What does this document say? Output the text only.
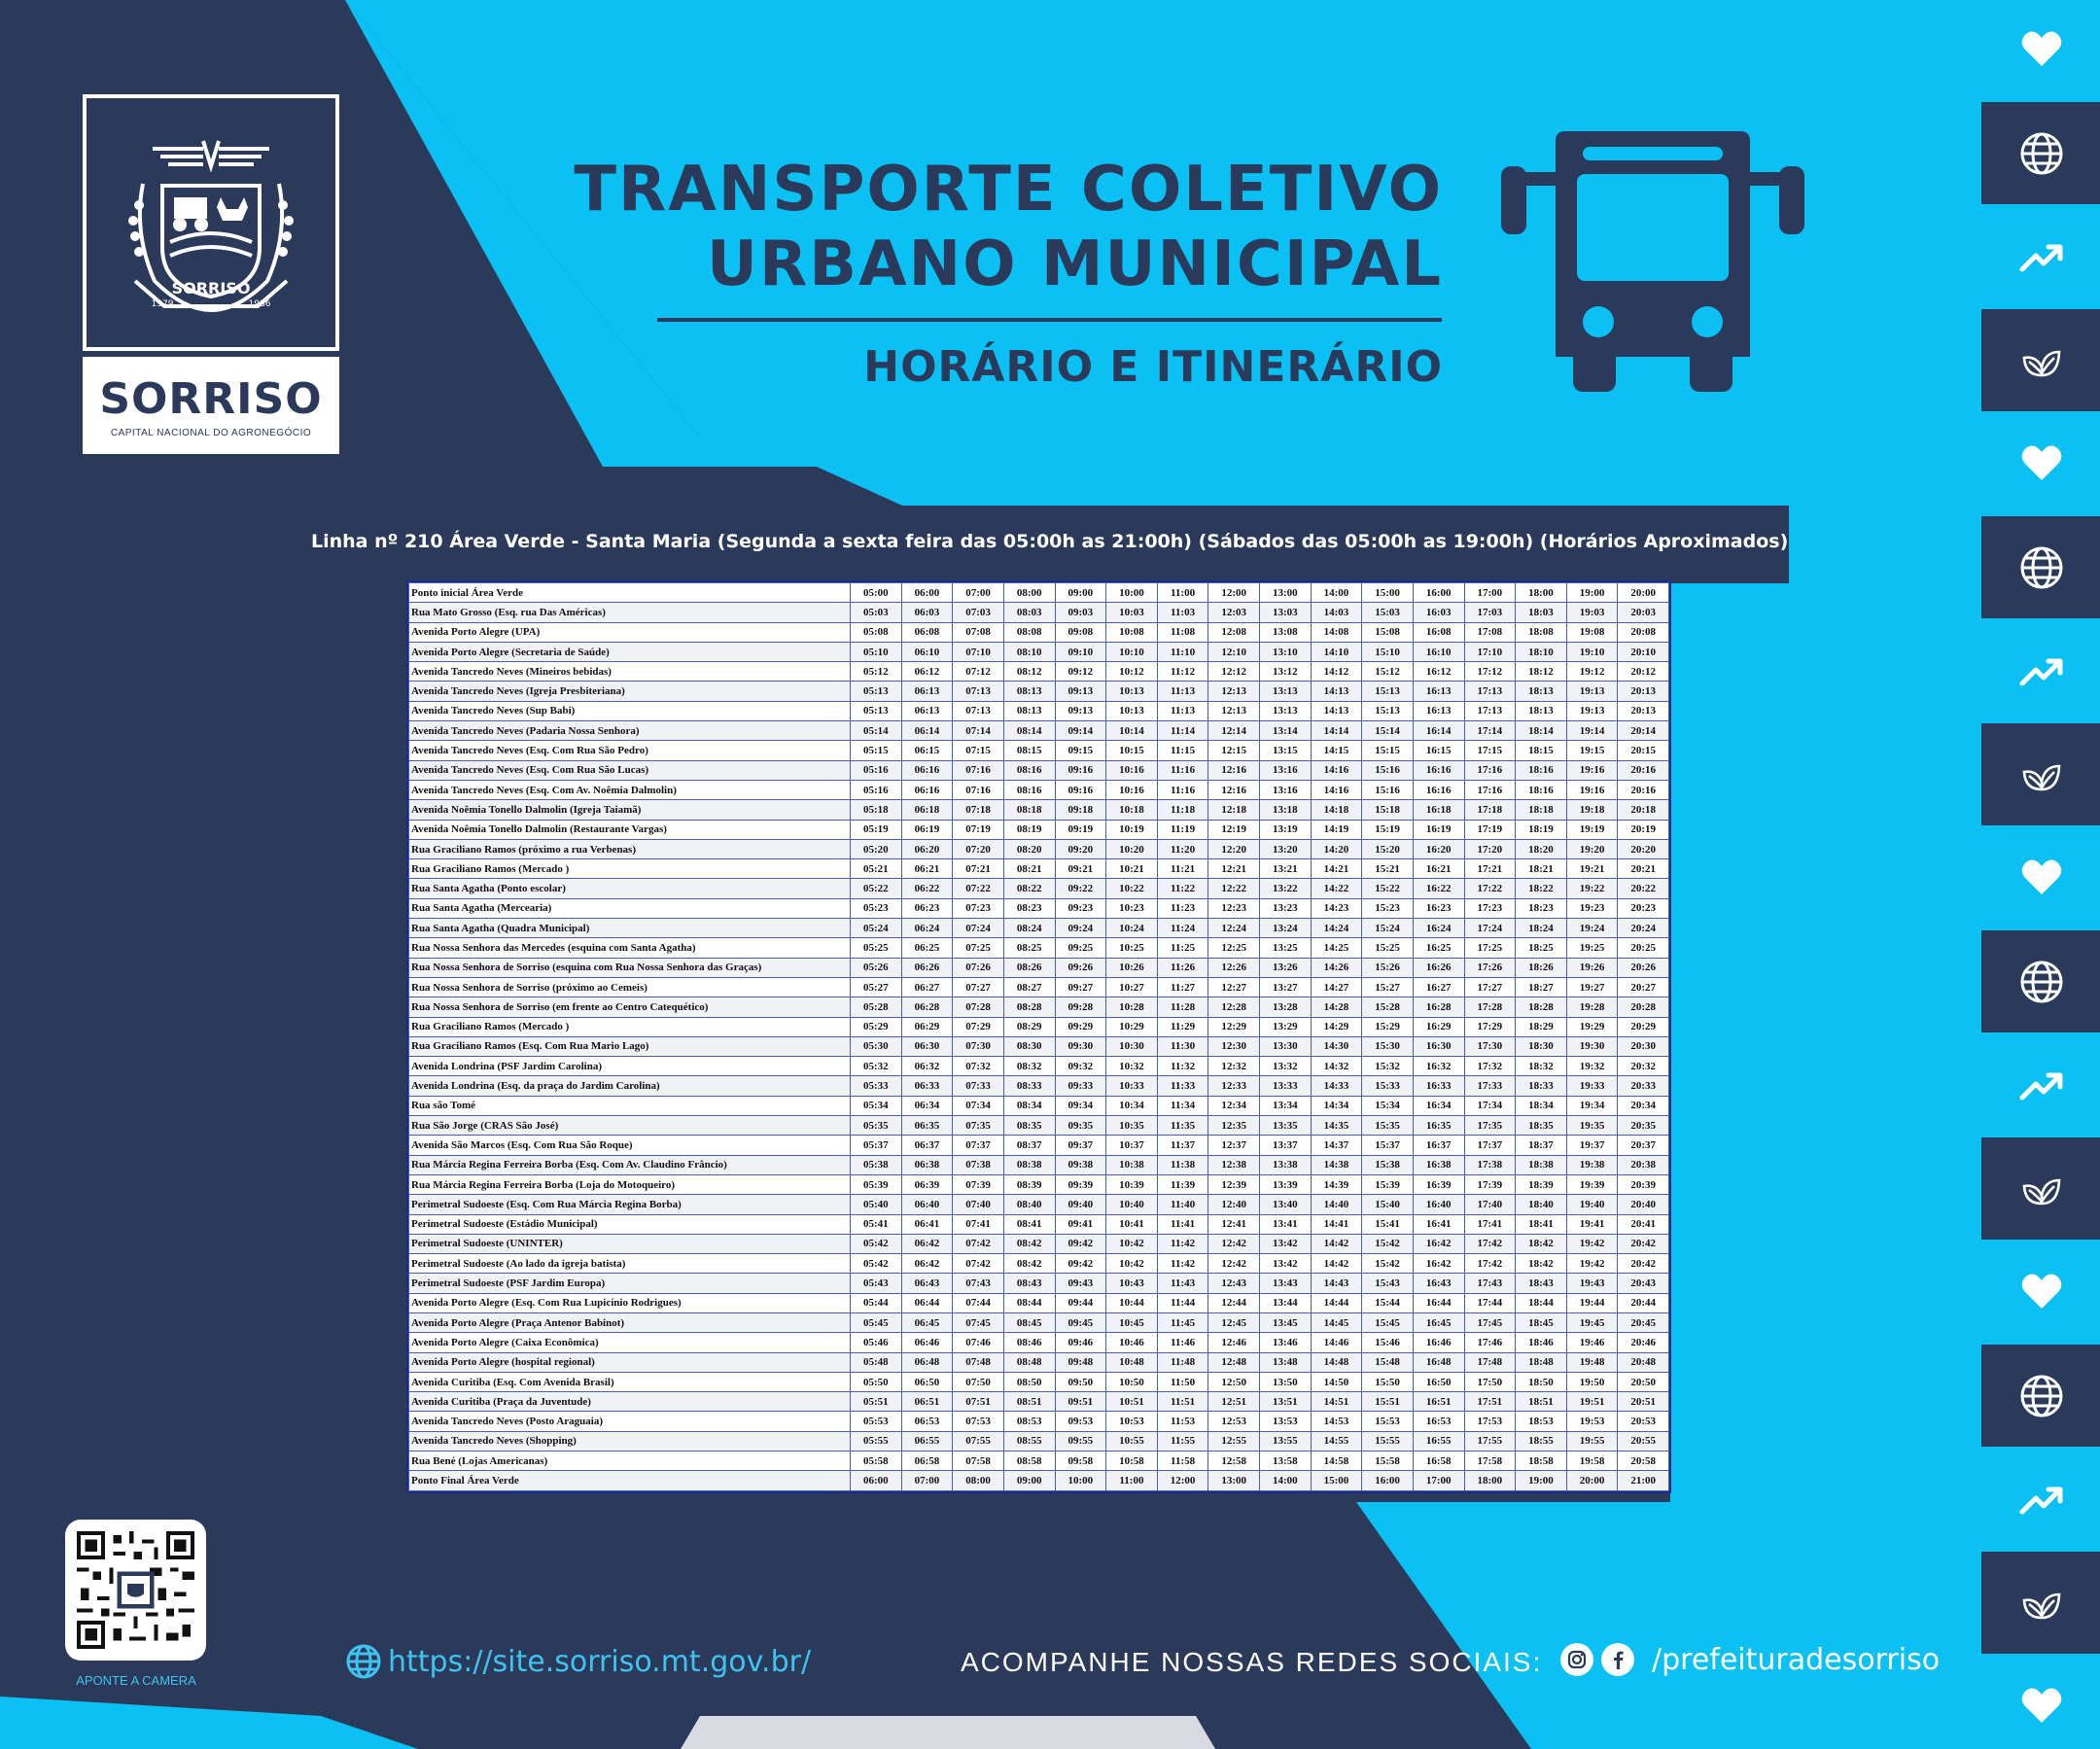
SORRISO
1979	1986
SORRISO
CAPITAL NACIONAL DO AGRONEGÓCIO
TRANSPORTE COLETIVO
URBANO MUNICIPAL
HORÁRIO E ITINERÁRIO
Linha nº 210 Área Verde - Santa Maria (Segunda a sexta feira das 05:00h as 21:00h) (Sábados das 05:00h as 19:00h) (Horários Aproximados)
Ponto inicial Área Verde	05:00	06:00	07:00	08:00	09:00	10:00	11:00	12:00	13:00	14:00	15:00	16:00	17:00	18:00	19:00	20:00
Rua Mato Grosso (Esq. rua Das Américas)	05:03	06:03	07:03	08:03	09:03	10:03	11:03	12:03	13:03	14:03	15:03	16:03	17:03	18:03	19:03	20:03
Avenida Porto Alegre (UPA)	05:08	06:08	07:08	08:08	09:08	10:08	11:08	12:08	13:08	14:08	15:08	16:08	17:08	18:08	19:08	20:08
Avenida Porto Alegre (Secretaria de Saúde)	05:10	06:10	07:10	08:10	09:10	10:10	11:10	12:10	13:10	14:10	15:10	16:10	17:10	18:10	19:10	20:10
Avenida Tancredo Neves (Mineiros bebidas)	05:12	06:12	07:12	08:12	09:12	10:12	11:12	12:12	13:12	14:12	15:12	16:12	17:12	18:12	19:12	20:12
Avenida Tancredo Neves (Igreja Presbiteriana)	05:13	06:13	07:13	08:13	09:13	10:13	11:13	12:13	13:13	14:13	15:13	16:13	17:13	18:13	19:13	20:13
Avenida Tancredo Neves (Sup Babi)	05:13	06:13	07:13	08:13	09:13	10:13	11:13	12:13	13:13	14:13	15:13	16:13	17:13	18:13	19:13	20:13
Avenida Tancredo Neves (Padaria Nossa Senhora)	05:14	06:14	07:14	08:14	09:14	10:14	11:14	12:14	13:14	14:14	15:14	16:14	17:14	18:14	19:14	20:14
Avenida Tancredo Neves (Esq. Com Rua São Pedro)	05:15	06:15	07:15	08:15	09:15	10:15	11:15	12:15	13:15	14:15	15:15	16:15	17:15	18:15	19:15	20:15
Avenida Tancredo Neves (Esq. Com Rua São Lucas)	05:16	06:16	07:16	08:16	09:16	10:16	11:16	12:16	13:16	14:16	15:16	16:16	17:16	18:16	19:16	20:16
Avenida Tancredo Neves (Esq. Com Av. Noêmia Dalmolin)	05:16	06:16	07:16	08:16	09:16	10:16	11:16	12:16	13:16	14:16	15:16	16:16	17:16	18:16	19:16	20:16
Avenida Noêmia Tonello Dalmolin (Igreja Taiamã)	05:18	06:18	07:18	08:18	09:18	10:18	11:18	12:18	13:18	14:18	15:18	16:18	17:18	18:18	19:18	20:18
Avenida Noêmia Tonello Dalmolin (Restaurante Vargas)	05:19	06:19	07:19	08:19	09:19	10:19	11:19	12:19	13:19	14:19	15:19	16:19	17:19	18:19	19:19	20:19
Rua Graciliano Ramos (próximo a rua Verbenas)	05:20	06:20	07:20	08:20	09:20	10:20	11:20	12:20	13:20	14:20	15:20	16:20	17:20	18:20	19:20	20:20
Rua Graciliano Ramos (Mercado )	05:21	06:21	07:21	08:21	09:21	10:21	11:21	12:21	13:21	14:21	15:21	16:21	17:21	18:21	19:21	20:21
Rua Santa Agatha (Ponto escolar)	05:22	06:22	07:22	08:22	09:22	10:22	11:22	12:22	13:22	14:22	15:22	16:22	17:22	18:22	19:22	20:22
Rua Santa Agatha (Mercearia)	05:23	06:23	07:23	08:23	09:23	10:23	11:23	12:23	13:23	14:23	15:23	16:23	17:23	18:23	19:23	20:23
Rua Santa Agatha (Quadra Municipal)	05:24	06:24	07:24	08:24	09:24	10:24	11:24	12:24	13:24	14:24	15:24	16:24	17:24	18:24	19:24	20:24
Rua Nossa Senhora das Mercedes (esquina com Santa Agatha)	05:25	06:25	07:25	08:25	09:25	10:25	11:25	12:25	13:25	14:25	15:25	16:25	17:25	18:25	19:25	20:25
Rua Nossa Senhora de Sorriso (esquina com Rua Nossa Senhora das Graças)	05:26	06:26	07:26	08:26	09:26	10:26	11:26	12:26	13:26	14:26	15:26	16:26	17:26	18:26	19:26	20:26
Rua Nossa Senhora de Sorriso (próximo ao Cemeis)	05:27	06:27	07:27	08:27	09:27	10:27	11:27	12:27	13:27	14:27	15:27	16:27	17:27	18:27	19:27	20:27
Rua Nossa Senhora de Sorriso (em frente ao Centro Catequético)	05:28	06:28	07:28	08:28	09:28	10:28	11:28	12:28	13:28	14:28	15:28	16:28	17:28	18:28	19:28	20:28
Rua Graciliano Ramos (Mercado )	05:29	06:29	07:29	08:29	09:29	10:29	11:29	12:29	13:29	14:29	15:29	16:29	17:29	18:29	19:29	20:29
Rua Graciliano Ramos (Esq. Com Rua Mario Lago)	05:30	06:30	07:30	08:30	09:30	10:30	11:30	12:30	13:30	14:30	15:30	16:30	17:30	18:30	19:30	20:30
Avenida Londrina (PSF Jardim Carolina)	05:32	06:32	07:32	08:32	09:32	10:32	11:32	12:32	13:32	14:32	15:32	16:32	17:32	18:32	19:32	20:32
Avenida Londrina (Esq. da praça do Jardim Carolina)	05:33	06:33	07:33	08:33	09:33	10:33	11:33	12:33	13:33	14:33	15:33	16:33	17:33	18:33	19:33	20:33
Rua são Tomé	05:34	06:34	07:34	08:34	09:34	10:34	11:34	12:34	13:34	14:34	15:34	16:34	17:34	18:34	19:34	20:34
Rua São Jorge (CRAS São José)	05:35	06:35	07:35	08:35	09:35	10:35	11:35	12:35	13:35	14:35	15:35	16:35	17:35	18:35	19:35	20:35
Avenida São Marcos (Esq. Com Rua São Roque)	05:37	06:37	07:37	08:37	09:37	10:37	11:37	12:37	13:37	14:37	15:37	16:37	17:37	18:37	19:37	20:37
Rua Márcia Regina Ferreira Borba (Esq. Com Av. Claudino Frâncio)	05:38	06:38	07:38	08:38	09:38	10:38	11:38	12:38	13:38	14:38	15:38	16:38	17:38	18:38	19:38	20:38
Rua Márcia Regina Ferreira Borba (Loja do Motoqueiro)	05:39	06:39	07:39	08:39	09:39	10:39	11:39	12:39	13:39	14:39	15:39	16:39	17:39	18:39	19:39	20:39
Perimetral Sudoeste (Esq. Com Rua Márcia Regina Borba)	05:40	06:40	07:40	08:40	09:40	10:40	11:40	12:40	13:40	14:40	15:40	16:40	17:40	18:40	19:40	20:40
Perimetral Sudoeste (Estádio Municipal)	05:41	06:41	07:41	08:41	09:41	10:41	11:41	12:41	13:41	14:41	15:41	16:41	17:41	18:41	19:41	20:41
Perimetral Sudoeste (UNINTER)	05:42	06:42	07:42	08:42	09:42	10:42	11:42	12:42	13:42	14:42	15:42	16:42	17:42	18:42	19:42	20:42
Perimetral Sudoeste (Ao lado da igreja batista)	05:42	06:42	07:42	08:42	09:42	10:42	11:42	12:42	13:42	14:42	15:42	16:42	17:42	18:42	19:42	20:42
Perimetral Sudoeste (PSF Jardim Europa)	05:43	06:43	07:43	08:43	09:43	10:43	11:43	12:43	13:43	14:43	15:43	16:43	17:43	18:43	19:43	20:43
Avenida Porto Alegre (Esq. Com Rua Lupicínio Rodrigues)	05:44	06:44	07:44	08:44	09:44	10:44	11:44	12:44	13:44	14:44	15:44	16:44	17:44	18:44	19:44	20:44
Avenida Porto Alegre (Praça Antenor Babinot)	05:45	06:45	07:45	08:45	09:45	10:45	11:45	12:45	13:45	14:45	15:45	16:45	17:45	18:45	19:45	20:45
Avenida Porto Alegre (Caixa Econômica)	05:46	06:46	07:46	08:46	09:46	10:46	11:46	12:46	13:46	14:46	15:46	16:46	17:46	18:46	19:46	20:46
Avenida Porto Alegre (hospital regional)	05:48	06:48	07:48	08:48	09:48	10:48	11:48	12:48	13:48	14:48	15:48	16:48	17:48	18:48	19:48	20:48
Avenida Curitiba (Esq. Com Avenida Brasil)	05:50	06:50	07:50	08:50	09:50	10:50	11:50	12:50	13:50	14:50	15:50	16:50	17:50	18:50	19:50	20:50
Avenida Curitiba (Praça da Juventude)	05:51	06:51	07:51	08:51	09:51	10:51	11:51	12:51	13:51	14:51	15:51	16:51	17:51	18:51	19:51	20:51
Avenida Tancredo Neves (Posto Araguaia)	05:53	06:53	07:53	08:53	09:53	10:53	11:53	12:53	13:53	14:53	15:53	16:53	17:53	18:53	19:53	20:53
Avenida Tancredo Neves (Shopping)	05:55	06:55	07:55	08:55	09:55	10:55	11:55	12:55	13:55	14:55	15:55	16:55	17:55	18:55	19:55	20:55
Rua Bené (Lojas Americanas)	05:58	06:58	07:58	08:58	09:58	10:58	11:58	12:58	13:58	14:58	15:58	16:58	17:58	18:58	19:58	20:58
Ponto Final Área Verde	06:00	07:00	08:00	09:00	10:00	11:00	12:00	13:00	14:00	15:00	16:00	17:00	18:00	19:00	20:00	21:00
APONTE A CAMERA
https://site.sorriso.mt.gov.br/	ACOMPANHE NOSSAS REDES SOCIAIS:	/prefeituradesorriso
